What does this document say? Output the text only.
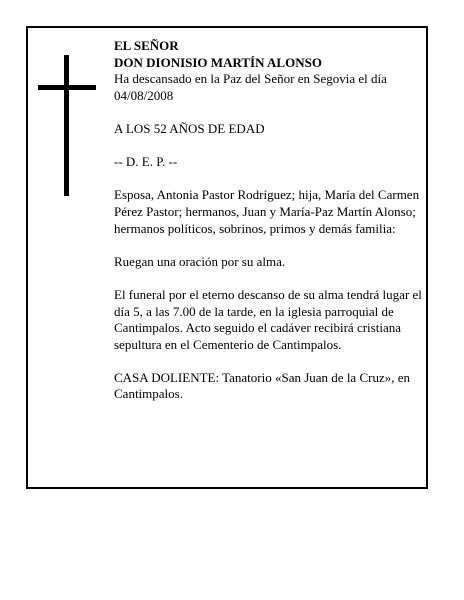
EL SEÑOR

DON DIONISIO MARTÍN ALONSO

Ha descansado en la Paz del Señor en Segovia el día 04/08/2008

A LOS 52 AÑOS DE EDAD

-- D. E. P. --

Esposa, Antonia Pastor Rodríguez; hija, María del Carmen Pérez Pastor; hermanos, Juan y María-Paz Martín Alonso; hermanos políticos, sobrinos, primos y demás familia:

Ruegan una oración por su alma.

El funeral por el eterno descanso de su alma tendrá lugar el día 5, a las 7.00 de la tarde, en la iglesia parroquial de Cantimpalos. Acto seguido el cadáver recibirá cristiana sepultura en el Cementerio de Cantimpalos.

CASA DOLIENTE: Tanatorio «San Juan de la Cruz», en Cantimpalos.
